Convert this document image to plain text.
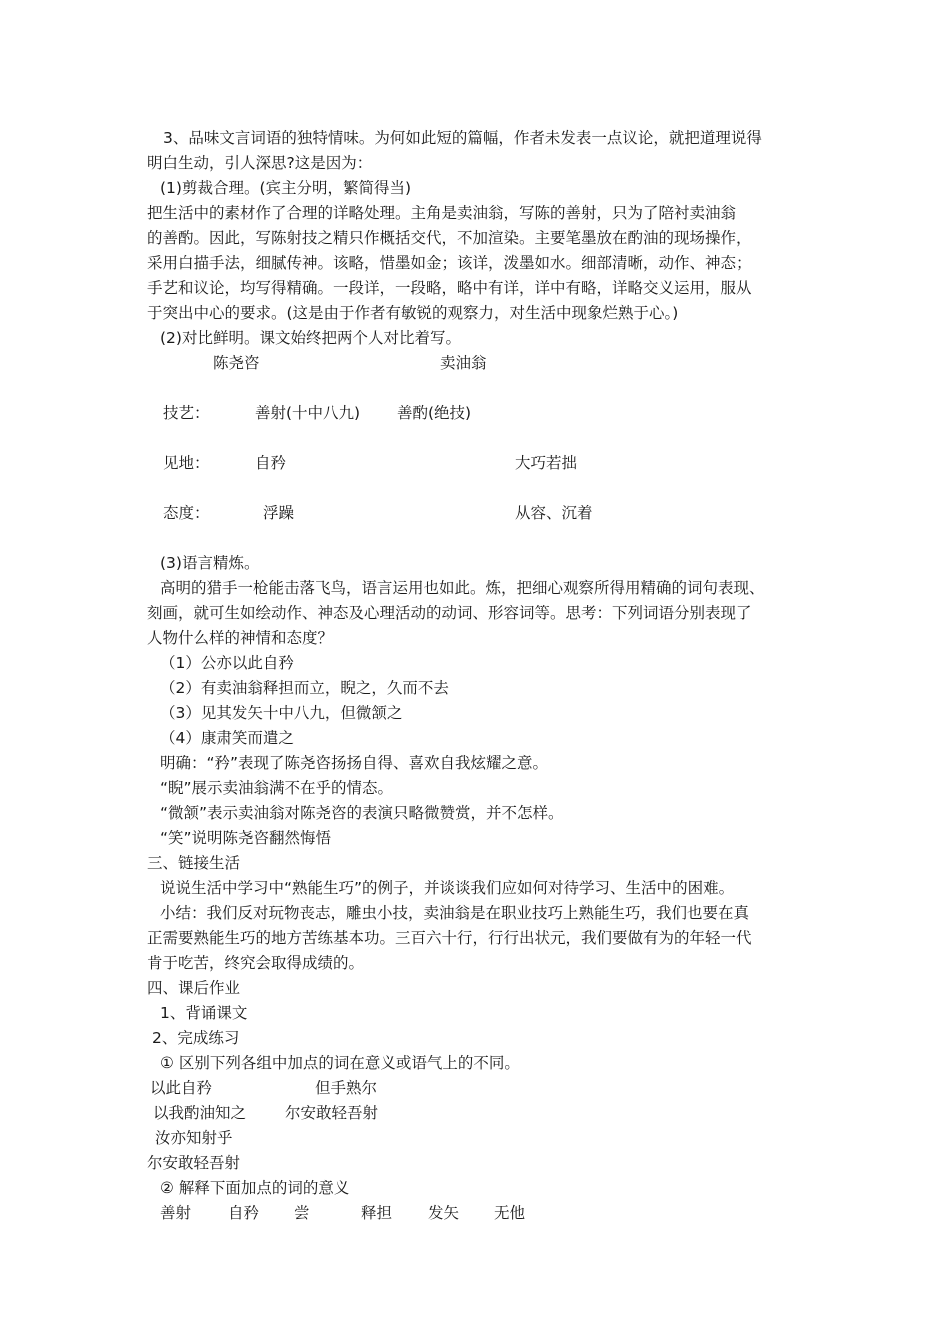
3、品味文言词语的独特情味。为何如此短的篇幅，作者未发表一点议论，就把道理说得
明白生动，引人深思?这是因为：
(1)剪裁合理。(宾主分明，繁简得当)
把生活中的素材作了合理的详略处理。主角是卖油翁，写陈的善射，只为了陪衬卖油翁
的善酌。因此，写陈射技之精只作概括交代，不加渲染。主要笔墨放在酌油的现场操作，
采用白描手法，细腻传神。该略，惜墨如金；该详，泼墨如水。细部清晰，动作、神态；
手艺和议论，均写得精确。一段详，一段略，略中有详，详中有略，详略交义运用，服从
于突出中心的要求。(这是由于作者有敏锐的观察力，对生活中现象烂熟于心。)
(2)对比鲜明。课文始终把两个人对比着写。
陈尧咨	卖油翁
技艺：	善射(十中八九) 善酌(绝技)
见地：	自矜	大巧若拙
态度：	浮躁	从容、沉着
(3)语言精炼。
高明的猎手一枪能击落飞鸟，语言运用也如此。炼，把细心观察所得用精确的词句表现、
刻画，就可生如绘动作、神态及心理活动的动词、形容词等。思考：下列词语分别表现了
人物什么样的神情和态度？
（1）公亦以此自矜
（2）有卖油翁释担而立，睨之，久而不去
（3）见其发矢十中八九，但微颔之
（4）康肃笑而遣之
明确：“矜”表现了陈尧咨扬扬自得、喜欢自我炫耀之意。
“睨”展示卖油翁满不在乎的情态。
“微颔”表示卖油翁对陈尧咨的表演只略微赞赏，并不怎样。
“笑”说明陈尧咨翻然悔悟
三、链接生活
说说生活中学习中“熟能生巧”的例子，并谈谈我们应如何对待学习、生活中的困难。
小结：我们反对玩物丧志，雕虫小技，卖油翁是在职业技巧上熟能生巧，我们也要在真
正需要熟能生巧的地方苦练基本功。三百六十行，行行出状元，我们要做有为的年轻一代
肯于吃苦，终究会取得成绩的。
四、课后作业
1、背诵课文
2、完成练习
① 区别下列各组中加点的词在意义或语气上的不同。
以此自矜	但手熟尔
以我酌油知之	尔安敢轻吾射
汝亦知射乎
尔安敢轻吾射
② 解释下面加点的词的意义
善射 自矜 尝	释担 发矢 无他
